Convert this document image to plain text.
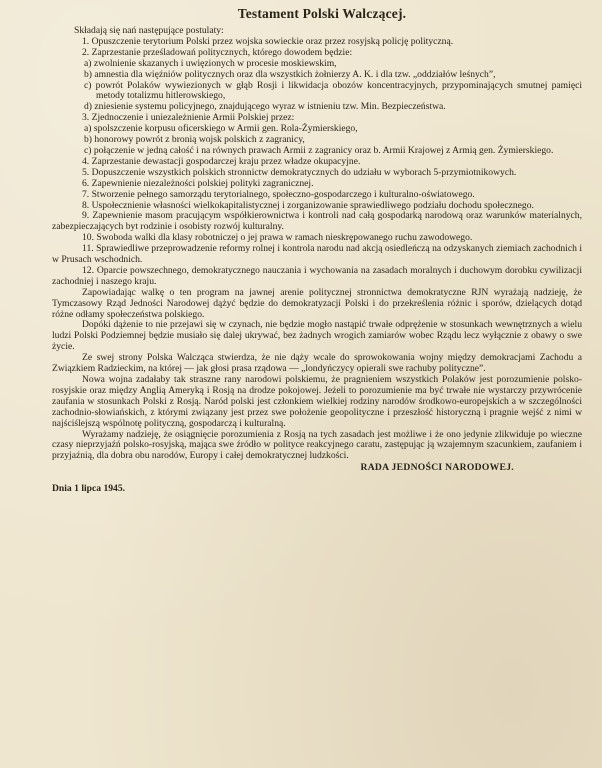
Testament Polski Walczącej.

Składają się nań następujące postulaty:

1. Opuszczenie terytorium Polski przez wojska sowieckie oraz przez rosyjską policję polityczną.

2. Zaprzestanie prześladowań politycznych, którego dowodem będzie:

a) zwolnienie skazanych i uwięzionych w procesie moskiewskim,

b) amnestia dla więźniów politycznych oraz dla wszystkich żołnierzy A. K. i dla tzw. „oddziałów leśnych”,

c) powrót Polaków wywiezionych w głąb Rosji i likwidacja obozów koncentracyjnych, przypominających smutnej pamięci metody totalizmu hitlerowskiego,

d) zniesienie systemu policyjnego, znajdującego wyraz w istnieniu tzw. Min. Bezpieczeństwa.

3. Zjednoczenie i uniezależnienie Armii Polskiej przez:

a) spolszczenie korpusu oficerskiego w Armii gen. Rola-Żymierskiego,

b) honorowy powrót z bronią wojsk polskich z zagranicy,

c) połączenie w jedną całość i na równych prawach Armii z zagranicy oraz b. Armii Krajowej z Armią gen. Żymierskiego.

4. Zaprzestanie dewastacji gospodarczej kraju przez władze okupacyjne.

5. Dopuszczenie wszystkich polskich stronnictw demokratycznych do udziału w wyborach 5-przymiotnikowych.

6. Zapewnienie niezależności polskiej polityki zagranicznej.

7. Stworzenie pełnego samorządu terytorialnego, społeczno-gospodarczego i kulturalno-oświatowego.

8. Uspołecznienie własności wielkokapitalistycznej i zorganizowanie sprawiedliwego podziału dochodu społecznego.

9. Zapewnienie masom pracującym współkierownictwa i kontroli nad całą gospodarką narodową oraz warunków materialnych, zabezpieczających byt rodzinie i osobisty rozwój kulturalny.

10. Swoboda walki dla klasy robotniczej o jej prawa w ramach nieskrępowanego ruchu zawodowego.

11. Sprawiedliwe przeprowadzenie reformy rolnej i kontrola narodu nad akcją osiedleńczą na odzyskanych ziemiach zachodnich i w Prusach wschodnich.

12. Oparcie powszechnego, demokratycznego nauczania i wychowania na zasadach moralnych i duchowym dorobku cywilizacji zachodniej i naszego kraju.

Zapowiadając walkę o ten program na jawnej arenie politycznej stronnictwa demokratyczne RJN wyrażają nadzieję, że Tymczasowy Rząd Jedności Narodowej dążyć będzie do demokratyzacji Polski i do przekreślenia różnic i sporów, dzielących dotąd różne odłamy społeczeństwa polskiego.

Dopóki dążenie to nie przejawi się w czynach, nie będzie mogło nastąpić trwałe odprężenie w stosunkach wewnętrznych a wielu ludzi Polski Podziemnej będzie musiało się dalej ukrywać, bez żadnych wrogich zamiarów wobec Rządu lecz wyłącznie z obawy o swe życie.

Ze swej strony Polska Walcząca stwierdza, że nie dąży wcale do sprowokowania wojny między demokracjami Zachodu a Związkiem Radzieckim, na której — jak głosi prasa rządowa — „londyńczycy opierali swe rachuby polityczne”.

Nowa wojna zadałaby tak straszne rany narodowi polskiemu, że pragnieniem wszystkich Polaków jest porozumienie polsko-rosyjskie oraz między Anglią Ameryką i Rosją na drodze pokojowej. Jeżeli to porozumienie ma być trwałe nie wystarczy przywrócenie zaufania w stosunkach Polski z Rosją. Naród polski jest członkiem wielkiej rodziny narodów środkowo-europejskich a w szczególności zachodnio-słowiańskich, z którymi związany jest przez swe położenie geopolityczne i przeszłość historyczną i pragnie wejść z nimi w najściślejszą wspólnotę polityczną, gospodarczą i kulturalną.

Wyrażamy nadzieję, że osiągnięcie porozumienia z Rosją na tych zasadach jest możliwe i że ono jedynie zlikwiduje po wieczne czasy nieprzyjaźń polsko-rosyjską, mająca swe źródło w polityce reakcyjnego caratu, zastępując ją wzajemnym szacunkiem, zaufaniem i przyjaźnią, dla dobra obu narodów, Europy i całej demokratycznej ludzkości.

RADA JEDNOŚCI NARODOWEJ.
Dnia 1 lipca 1945.
